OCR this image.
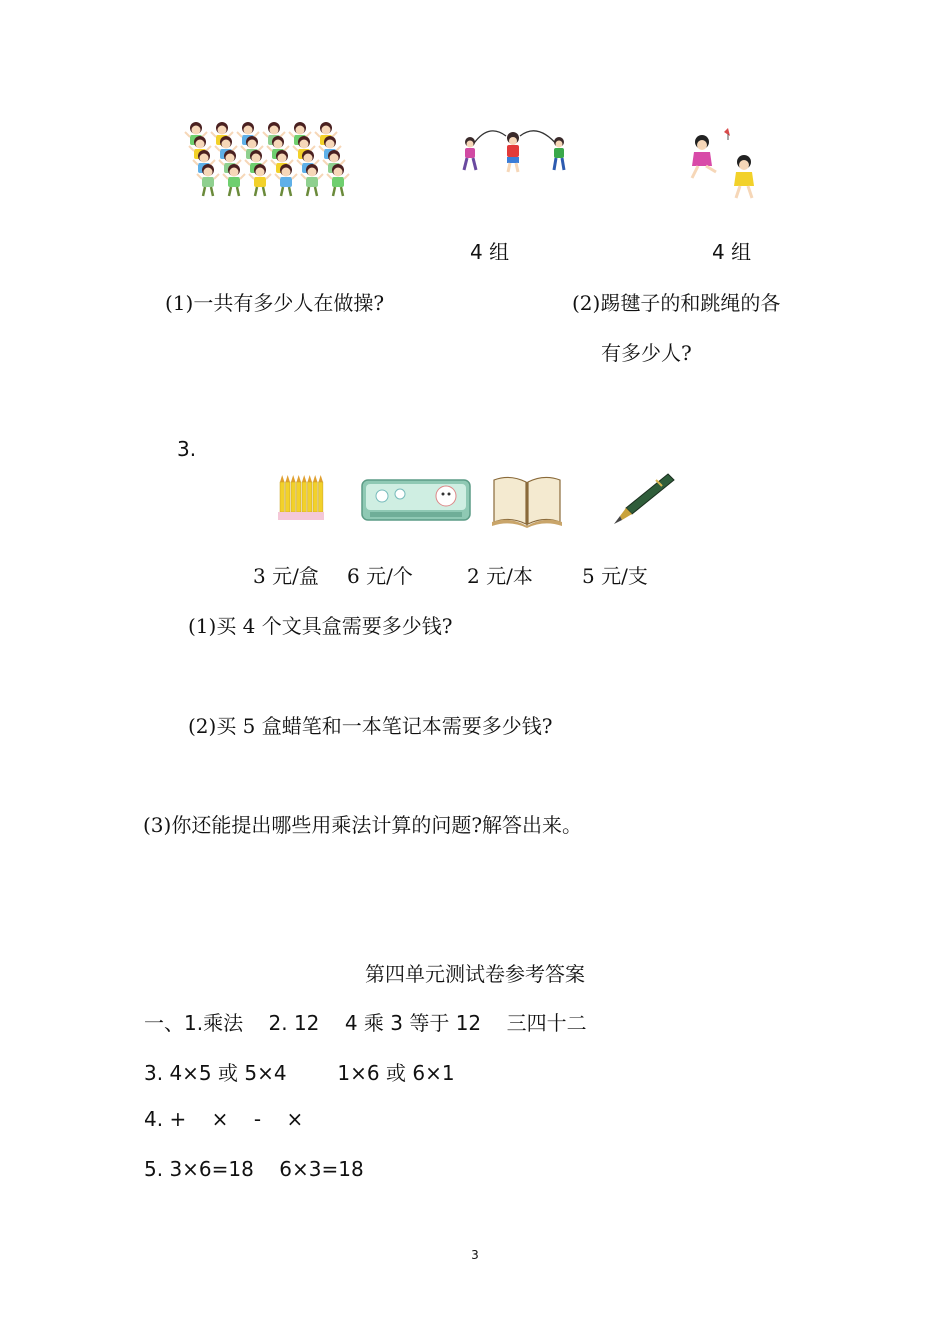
4 组	4 组
(1)一共有多少人在做操?	(2)踢毽子的和跳绳的各
有多少人?
3.
3 元/盒 6 元/个	2 元/本 5 元/支
(1)买 4 个文具盒需要多少钱?
(2)买 5 盒蜡笔和一本笔记本需要多少钱?
(3)你还能提出哪些用乘法计算的问题?解答出来。
第四单元测试卷参考答案
一、1.乘法    2. 12    4 乘 3 等于 12    三四十二
3. 4×5 或 5×4        1×6 或 6×1
4. +    ×    -    ×
5. 3×6=18    6×3=18
3
